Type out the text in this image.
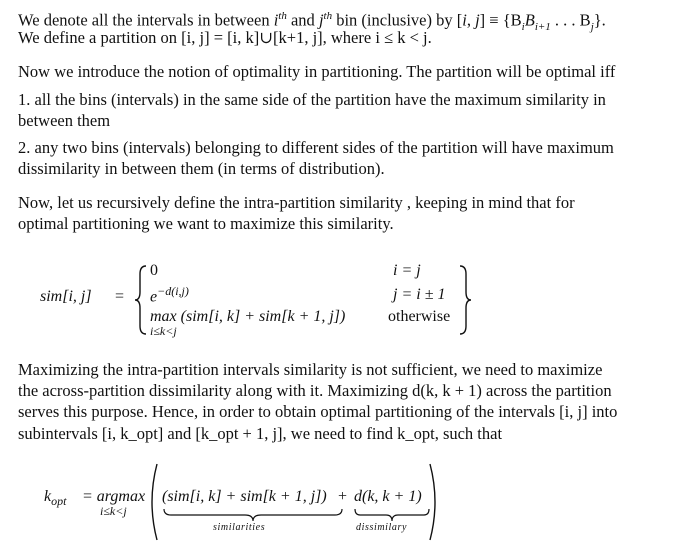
We denote all the intervals in between $i^{th}$ and $j^{th}$ bin (inclusive) by [i, $j] \equiv \{B_iB_{i+1}$ . . . $B_j$}.
We define a partition on [i, j] = [i, k]∪[k+1, j], where i ≤ k < j.
Now we introduce the notion of optimality in partitioning. The partition will be optimal iff
1. all the bins (intervals) in the same side of the partition have the maximum similarity in
between them
2. any two bins (intervals) belonging to different sides of the partition will have maximum
dissimilarity in between them (in terms of distribution).
Now, let us recursively define the intra-partition similarity , keeping in mind that for
optimal partitioning we want to maximize this similarity.
sim[i, j] =
0	i = j
$e^{-d(i,j)}$	j = i ± 1
max (sim[i, k] + sim[k + 1, j])
i≤k<j
otherwise
Maximizing the intra-partition intervals similarity is not sufficient, we need to maximize
the across-partition dissimilarity along with it. Maximizing d(k, k + 1) across the partition
serves this purpose. Hence, in order to obtain optimal partitioning of the intervals [i, j] into
subintervals [i, k_opt] and [k_opt + 1, j], we need to find k_opt, such that
$k_{opt} = argmax$
i≤k<j
(sim[i, k] + sim[k + 1, j]) + d(k, k + 1)
similarities	dissimilary
